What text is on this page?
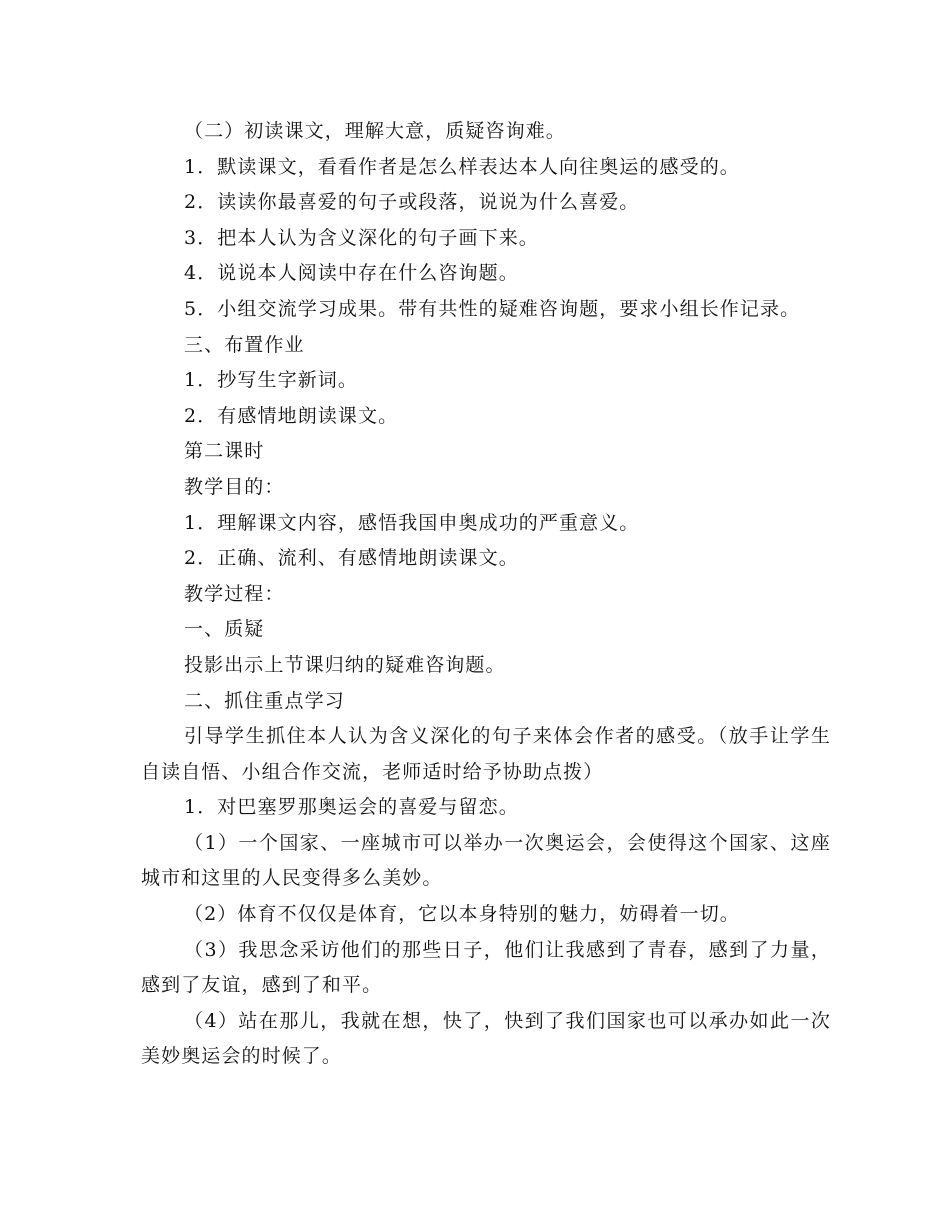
（二）初读课文，理解大意，质疑咨询难。

1．默读课文，看看作者是怎么样表达本人向往奥运的感受的。

2．读读你最喜爱的句子或段落，说说为什么喜爱。

3．把本人认为含义深化的句子画下来。

4．说说本人阅读中存在什么咨询题。

5．小组交流学习成果。带有共性的疑难咨询题，要求小组长作记录。

三、布置作业

1．抄写生字新词。

2．有感情地朗读课文。

第二课时

教学目的：

1．理解课文内容，感悟我国申奥成功的严重意义。

2．正确、流利、有感情地朗读课文。

教学过程：

一、质疑

投影出示上节课归纳的疑难咨询题。

二、抓住重点学习

引导学生抓住本人认为含义深化的句子来体会作者的感受。（放手让学生自读自悟、小组合作交流，老师适时给予协助点拨）

1．对巴塞罗那奥运会的喜爱与留恋。

（1）一个国家、一座城市可以举办一次奥运会，会使得这个国家、这座城市和这里的人民变得多么美妙。

（2）体育不仅仅是体育，它以本身特别的魅力，妨碍着一切。

（3）我思念采访他们的那些日子，他们让我感到了青春，感到了力量，感到了友谊，感到了和平。

（4）站在那儿，我就在想，快了，快到了我们国家也可以承办如此一次美妙奥运会的时候了。
